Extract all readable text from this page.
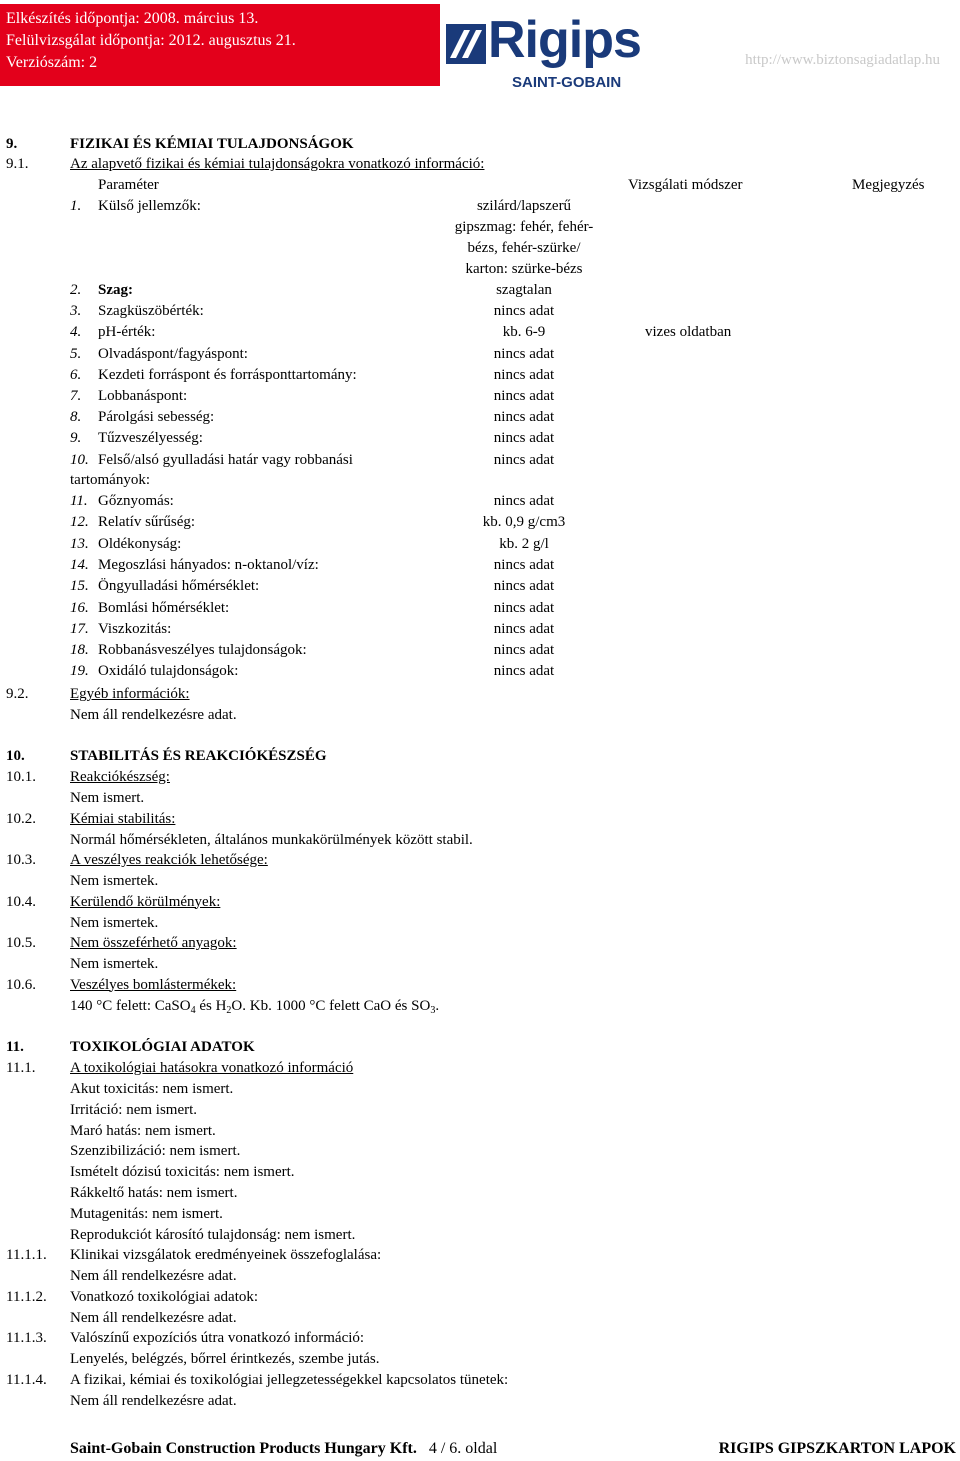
Elkészítés időpontja: 2008. március 13.
Felülvizsgálat időpontja: 2012. augusztus 21.
Verziószám: 2	Rigips
SAINT-GOBAIN
http://www.biztonsagiadatlap.hu
9.	FIZIKAI ÉS KÉMIAI TULAJDONSÁGOK
9.1.	Az alapvető fizikai és kémiai tulajdonságokra vonatkozó információ:
Paraméter	Vizsgálati módszer	Megjegyzés
1.	Külső jellemzők:	szilárd/lapszerű
gipszmag: fehér, fehér-
bézs, fehér-szürke/
karton: szürke-bézs
2.	Szag:	szagtalan
3.	Szagküszöbérték:	nincs adat
4.	pH-érték:	kb. 6-9	vizes oldatban
5.	Olvadáspont/fagyáspont:	nincs adat
6.	Kezdeti forráspont és forrásponttartomány:	nincs adat
7.	Lobbanáspont:	nincs adat
8.	Párolgási sebesség:	nincs adat
9.	Tűzveszélyesség:	nincs adat
10. Felső/alsó gyulladási határ vagy robbanási	nincs adat
tartományok:
11. Gőznyomás:	nincs adat
12. Relatív sűrűség:	kb. 0,9 g/cm3
13. Oldékonyság:	kb. 2 g/l
14. Megoszlási hányados: n-oktanol/víz:	nincs adat
15. Öngyulladási hőmérséklet:	nincs adat
16. Bomlási hőmérséklet:	nincs adat
17. Viszkozitás:	nincs adat
18. Robbanásveszélyes tulajdonságok:	nincs adat
19. Oxidáló tulajdonságok:	nincs adat
9.2.	Egyéb információk:
Nem áll rendelkezésre adat.
10.	STABILITÁS ÉS REAKCIÓKÉSZSÉG
10.1. Reakciókészség:
Nem ismert.
10.2. Kémiai stabilitás:
Normál hőmérsékleten, általános munkakörülmények között stabil.
10.3. A veszélyes reakciók lehetősége:
Nem ismertek.
10.4. Kerülendő körülmények:
Nem ismertek.
10.5. Nem összeférhető anyagok:
Nem ismertek.
10.6. Veszélyes bomlástermékek:
140 °C felett: CaSO$_4$ és $H_2O$. Kb. 1000 °C felett CaO és $SO_3$.
11.	TOXIKOLÓGIAI ADATOK
11.1. A toxikológiai hatásokra vonatkozó információ
Akut toxicitás: nem ismert.
Irritáció: nem ismert.
Maró hatás: nem ismert.
Szenzibilizáció: nem ismert.
Ismételt dózisú toxicitás: nem ismert.
Rákkeltő hatás: nem ismert.
Mutagenitás: nem ismert.
Reprodukciót károsító tulajdonság: nem ismert.
11.1.1. Klinikai vizsgálatok eredményeinek összefoglalása:
Nem áll rendelkezésre adat.
11.1.2. Vonatkozó toxikológiai adatok:
Nem áll rendelkezésre adat.
11.1.3. Valószínű expozíciós útra vonatkozó információ:
Lenyelés, belégzés, bőrrel érintkezés, szembe jutás.
11.1.4. A fizikai, kémiai és toxikológiai jellegzetességekkel kapcsolatos tünetek:
Nem áll rendelkezésre adat.
Saint-Gobain Construction Products Hungary Kft. 4 / 6. oldal	RIGIPS GIPSZKARTON LAPOK
